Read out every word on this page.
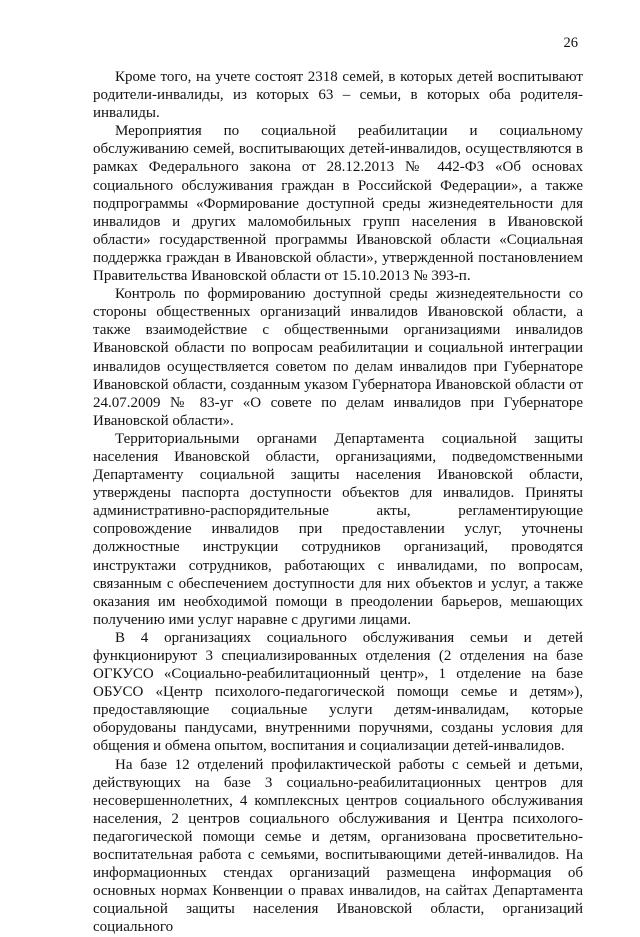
26

Кроме того, на учете состоят 2318 семей, в которых детей воспитывают родители-инвалиды, из которых 63 – семьи, в которых оба родителя-инвалиды.

Мероприятия по социальной реабилитации и социальному обслуживанию семей, воспитывающих детей-инвалидов, осуществляются в рамках Федерального закона от 28.12.2013 № 442-ФЗ «Об основах социального обслуживания граждан в Российской Федерации», а также подпрограммы «Формирование доступной среды жизнедеятельности для инвалидов и других маломобильных групп населения в Ивановской области» государственной программы Ивановской области «Социальная поддержка граждан в Ивановской области», утвержденной постановлением Правительства Ивановской области от 15.10.2013 № 393-п.

Контроль по формированию доступной среды жизнедеятельности со стороны общественных организаций инвалидов Ивановской области, а также взаимодействие с общественными организациями инвалидов Ивановской области по вопросам реабилитации и социальной интеграции инвалидов осуществляется советом по делам инвалидов при Губернаторе Ивановской области, созданным указом Губернатора Ивановской области от 24.07.2009 № 83-уг «О совете по делам инвалидов при Губернаторе Ивановской области».

Территориальными органами Департамента социальной защиты населения Ивановской области, организациями, подведомственными Департаменту социальной защиты населения Ивановской области, утверждены паспорта доступности объектов для инвалидов. Приняты административно-распорядительные акты, регламентирующие сопровождение инвалидов при предоставлении услуг, уточнены должностные инструкции сотрудников организаций, проводятся инструктажи сотрудников, работающих с инвалидами, по вопросам, связанным с обеспечением доступности для них объектов и услуг, а также оказания им необходимой помощи в преодолении барьеров, мешающих получению ими услуг наравне с другими лицами.

В 4 организациях социального обслуживания семьи и детей функционируют 3 специализированных отделения (2 отделения на базе ОГКУСО «Социально-реабилитационный центр», 1 отделение на базе ОБУСО «Центр психолого-педагогической помощи семье и детям»), предоставляющие социальные услуги детям-инвалидам, которые оборудованы пандусами, внутренними поручнями, созданы условия для общения и обмена опытом, воспитания и социализации детей-инвалидов.

На базе 12 отделений профилактической работы с семьей и детьми, действующих на базе 3 социально-реабилитационных центров для несовершеннолетних, 4 комплексных центров социального обслуживания населения, 2 центров социального обслуживания и Центра психолого-педагогической помощи семье и детям, организована просветительно-воспитательная работа с семьями, воспитывающими детей-инвалидов. На информационных стендах организаций размещена информация об основных нормах Конвенции о правах инвалидов, на сайтах Департамента социальной защиты населения Ивановской области, организаций социального
